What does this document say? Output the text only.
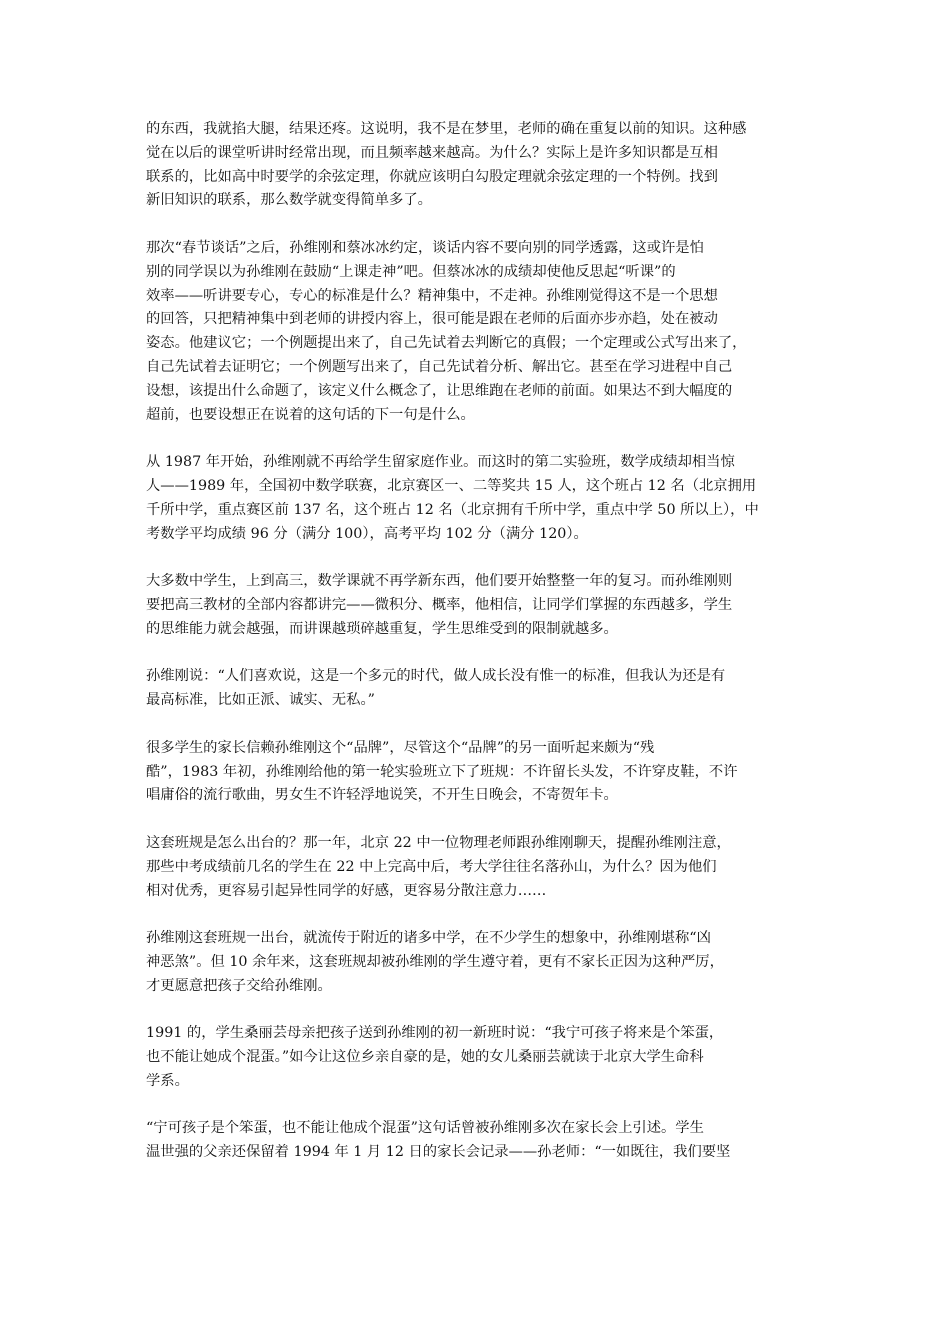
的东西，我就掐大腿，结果还疼。这说明，我不是在梦里，老师的确在重复以前的知识。这种感
觉在以后的课堂听讲时经常出现，而且频率越来越高。为什么？实际上是许多知识都是互相
联系的，比如高中时要学的余弦定理，你就应该明白勾股定理就余弦定理的一个特例。找到
新旧知识的联系，那么数学就变得简单多了。

那次“春节谈话”之后，孙维刚和蔡冰冰约定，谈话内容不要向别的同学透露，这或许是怕
别的同学误以为孙维刚在鼓励“上课走神”吧。但蔡冰冰的成绩却使他反思起“听课”的
效率——听讲要专心，专心的标准是什么？精神集中，不走神。孙维刚觉得这不是一个思想
的回答，只把精神集中到老师的讲授内容上，很可能是跟在老师的后面亦步亦趋，处在被动
姿态。他建议它；一个例题提出来了，自己先试着去判断它的真假；一个定理或公式写出来了，
自己先试着去证明它；一个例题写出来了，自己先试着分析、解出它。甚至在学习进程中自己
设想，该提出什么命题了，该定义什么概念了，让思维跑在老师的前面。如果达不到大幅度的
超前，也要设想正在说着的这句话的下一句是什么。

从 1987 年开始，孙维刚就不再给学生留家庭作业。而这时的第二实验班，数学成绩却相当惊
人——1989 年，全国初中数学联赛，北京赛区一、二等奖共 15 人，这个班占 12 名（北京拥用
千所中学，重点赛区前 137 名，这个班占 12 名（北京拥有千所中学，重点中学 50 所以上），中
考数学平均成绩 96 分（满分 100），高考平均 102 分（满分 120）。

大多数中学生，上到高三，数学课就不再学新东西，他们要开始整整一年的复习。而孙维刚则
要把高三教材的全部内容都讲完——微积分、概率，他相信，让同学们掌握的东西越多，学生
的思维能力就会越强，而讲课越琐碎越重复，学生思维受到的限制就越多。

孙维刚说：“人们喜欢说，这是一个多元的时代，做人成长没有惟一的标准，但我认为还是有
最高标准，比如正派、诚实、无私。”

很多学生的家长信赖孙维刚这个“品牌”，尽管这个“品牌”的另一面听起来颇为“残
酷”，1983 年初，孙维刚给他的第一轮实验班立下了班规：不许留长头发，不许穿皮鞋，不许
唱庸俗的流行歌曲，男女生不许轻浮地说笑，不开生日晚会，不寄贺年卡。

这套班规是怎么出台的？那一年，北京 22 中一位物理老师跟孙维刚聊天，提醒孙维刚注意，
那些中考成绩前几名的学生在 22 中上完高中后，考大学往往名落孙山，为什么？因为他们
相对优秀，更容易引起异性同学的好感，更容易分散注意力……

孙维刚这套班规一出台，就流传于附近的诸多中学，在不少学生的想象中，孙维刚堪称“凶
神恶煞”。但 10 余年来，这套班规却被孙维刚的学生遵守着，更有不家长正因为这种严厉，
才更愿意把孩子交给孙维刚。

1991 的，学生桑丽芸母亲把孩子送到孙维刚的初一新班时说：“我宁可孩子将来是个笨蛋，
也不能让她成个混蛋。”如今让这位乡亲自豪的是，她的女儿桑丽芸就读于北京大学生命科
学系。

“宁可孩子是个笨蛋，也不能让他成个混蛋”这句话曾被孙维刚多次在家长会上引述。学生
温世强的父亲还保留着 1994 年 1 月 12 日的家长会记录——孙老师：“一如既往，我们要坚
